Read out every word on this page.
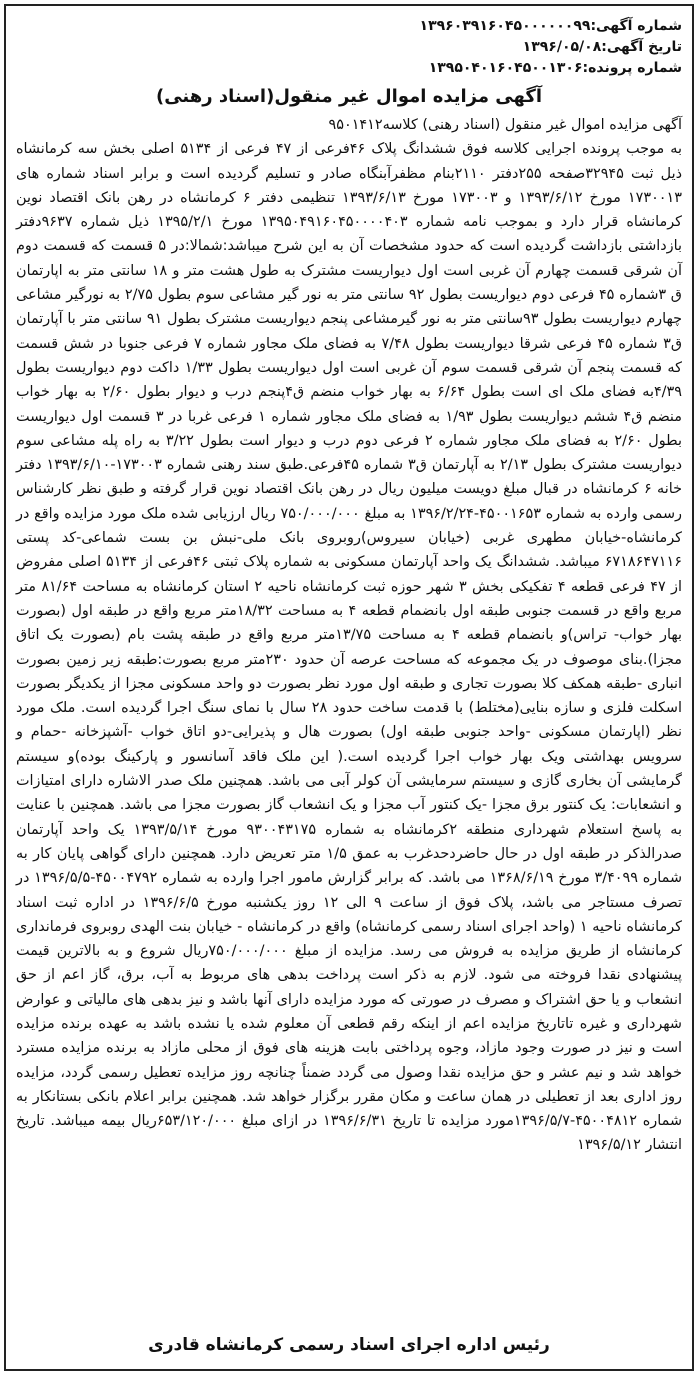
شماره آگهی:۱۳۹۶۰۳۹۱۶۰۴۵۰۰۰۰۰۰۹۹
تاریخ آگهی:۱۳۹۶/۰۵/۰۸
شماره پرونده:۱۳۹۵۰۴۰۱۶۰۴۵۰۰۱۳۰۶
آگهی مزایده اموال غیر منقول(اسناد رهنی)
آگهی مزایده اموال غیر منقول (اسناد رهنی) کلاسه۹۵۰۱۴۱۲
به موجب پرونده اجرایی کلاسه فوق ششدانگ پلاک ۴۶فرعی از ۴۷ فرعی از ۵۱۳۴ اصلی بخش سه کرمانشاه ذیل ثبت ۳۲۹۴۵صفحه ۲۵۵دفتر ۲۱۱۰بنام مظفرآبنگاه صادر و تسلیم گردیده است و برابر اسناد شماره های ۱۷۳۰۰۱۳ مورخ ۱۳۹۳/۶/۱۲ و ۱۷۳۰۰۳ مورخ ۱۳۹۳/۶/۱۳ تنظیمی دفتر ۶ کرمانشاه در رهن بانک اقتصاد نوین کرمانشاه قرار دارد و بموجب نامه شماره ۱۳۹۵۰۴۹۱۶۰۴۵۰۰۰۰۴۰۳ مورخ ۱۳۹۵/۲/۱ ذیل شماره ۹۶۳۷دفتر بازداشتی بازداشت گردیده است که حدود مشخصات آن به این شرح میباشد:شمالا:در ۵ قسمت که قسمت دوم آن شرقی قسمت چهارم آن غربی است اول دیواریست مشترک به طول هشت متر و ۱۸ سانتی متر به اپارتمان ق ۳شماره ۴۵ فرعی دوم دیواریست بطول ۹۲ سانتی متر به نور گیر مشاعی سوم بطول ۲/۷۵ به نورگیر مشاعی چهارم دیواریست بطول ۹۳سانتی متر به نور گیرمشاعی پنجم دیواریست مشترک بطول ۹۱ سانتی متر با آپارتمان ق۳ شماره ۴۵ فرعی شرقا دیواریست بطول ۷/۴۸ به فضای ملک مجاور شماره ۷ فرعی جنوبا در شش قسمت که قسمت پنجم آن شرقی قسمت سوم آن غربی است اول دیواریست بطول ۱/۳۳ داکت دوم دیواریست بطول ۴/۳۹به فضای ملک ای است بطول ۶/۶۴ به بهار خواب منضم ق۴پنجم درب و دیوار بطول ۲/۶۰ به بهار خواب منضم ق۴ ششم دیواریست بطول ۱/۹۳ به فضای ملک مجاور شماره ۱ فرعی غربا در ۳ قسمت اول دیواریست بطول ۲/۶۰ به فضای ملک مجاور شماره ۲ فرعی دوم درب و دیوار است بطول ۳/۲۲ به راه پله مشاعی سوم دیواریست مشترک بطول ۲/۱۳ به آپارتمان ق۳ شماره ۴۵فرعی.طبق سند رهنی شماره ۱۷۳۰۰۳-۱۳۹۳/۶/۱۰ دفتر خانه ۶ کرمانشاه در قبال مبلغ دویست میلیون ریال در رهن بانک اقتصاد نوین قرار گرفته و طبق نظر کارشناس رسمی وارده به شماره ۴۵۰۰۱۶۵۳-۱۳۹۶/۲/۲۴ به مبلغ ۷۵۰/۰۰۰/۰۰۰ ریال ارزیابی شده ملک مورد مزایده واقع در کرمانشاه-خیابان مطهری غربی (خیابان سیروس)روبروی بانک ملی-نبش بن بست شماعی-کد پستی ۶۷۱۸۶۴۷۱۱۶ میباشد. ششدانگ یک واحد آپارتمان مسکونی به شماره پلاک ثبتی ۴۶فرعی از ۵۱۳۴ اصلی مفروض از ۴۷ فرعی قطعه ۴ تفکیکی بخش ۳ شهر حوزه ثبت کرمانشاه ناحیه ۲ استان کرمانشاه به مساحت ۸۱/۶۴ متر مربع واقع در قسمت جنوبی طبقه اول بانضمام قطعه ۴ به مساحت ۱۸/۳۲متر مربع واقع در طبقه اول (بصورت بهار خواب- تراس)و بانضمام قطعه ۴ به مساحت ۱۳/۷۵متر مربع واقع در طبقه پشت بام (بصورت یک اتاق مجزا).بنای موصوف در یک مجموعه که مساحت عرصه آن حدود ۲۳۰متر مربع بصورت:طبقه زیر زمین بصورت انباری -طبقه همکف کلا بصورت تجاری و طبقه اول مورد نظر بصورت دو واحد مسکونی مجزا از یکدیگر بصورت اسکلت فلزی و سازه بنایی(مختلط) با قدمت ساخت حدود ۲۸ سال با نمای سنگ اجرا گردیده است. ملک مورد نظر (اپارتمان مسکونی -واحد جنوبی طبقه اول) بصورت هال و پذیرایی-دو اتاق خواب -آشپزخانه -حمام و سرویس بهداشتی ویک بهار خواب اجرا گردیده است.( این ملک فاقد آسانسور و پارکینگ بوده)و سیستم گرمایشی آن بخاری گازی و سیستم سرمایشی آن کولر آبی می باشد. همچنین ملک صدر الاشاره دارای امتیازات و انشعابات: یک کنتور برق مجزا -یک کنتور آب مجزا و یک انشعاب گاز بصورت مجزا می باشد. همچنین با عنایت به پاسخ استعلام شهرداری منطقه ۲کرمانشاه به شماره ۹۳۰۰۴۳۱۷۵ مورخ ۱۳۹۳/۵/۱۴ یک واحد آپارتمان صدرالذکر در طبقه اول در حال حاضردحدغرب به عمق ۱/۵ متر تعریض دارد. همچنین دارای گواهی پایان کار به شماره ۳/۴۰۹۹ مورخ ۱۳۶۸/۶/۱۹ می باشد. که برابر گزارش مامور اجرا وارده به شماره ۴۵۰۰۴۷۹۲-۱۳۹۶/۵/۵ در تصرف مستاجر می باشد، پلاک فوق از ساعت ۹ الی ۱۲ روز یکشنبه مورخ ۱۳۹۶/۶/۵ در اداره ثبت اسناد کرمانشاه ناحیه ۱ (واحد اجرای اسناد رسمی کرمانشاه) واقع در کرمانشاه - خیابان بنت الهدی روبروی فرمانداری کرمانشاه از طریق مزایده به فروش می رسد. مزایده از مبلغ ۷۵۰/۰۰۰/۰۰۰ریال شروع و به بالاترین قیمت پیشنهادی نقدا فروخته می شود. لازم به ذکر است پرداخت بدهی های مربوط به آب، برق، گاز اعم از حق انشعاب و یا حق اشتراک و مصرف در صورتی که مورد مزایده دارای آنها باشد و نیز بدهی های مالیاتی و عوارض شهرداری و غیره تاتاریخ مزایده اعم از اینکه رقم قطعی آن معلوم شده یا نشده باشد به عهده برنده مزایده است و نیز در صورت وجود مازاد، وجوه پرداختی بابت هزینه های فوق از محلی مازاد به برنده مزایده مسترد خواهد شد و نیم عشر و حق مزایده نقدا وصول می گردد ضمناً چنانچه روز مزایده تعطیل رسمی گردد، مزایده روز اداری بعد از تعطیلی در همان ساعت و مکان مقرر برگزار خواهد شد. همچنین برابر اعلام بانکی بستانکار به شماره ۴۵۰۰۴۸۱۲-۱۳۹۶/۵/۷مورد مزایده تا تاریخ ۱۳۹۶/۶/۳۱ در ازای مبلغ ۶۵۳/۱۲۰/۰۰۰ریال بیمه میباشد. تاریخ انتشار ۱۳۹۶/۵/۱۲
رئیس اداره اجرای اسناد رسمی کرمانشاه قادری
